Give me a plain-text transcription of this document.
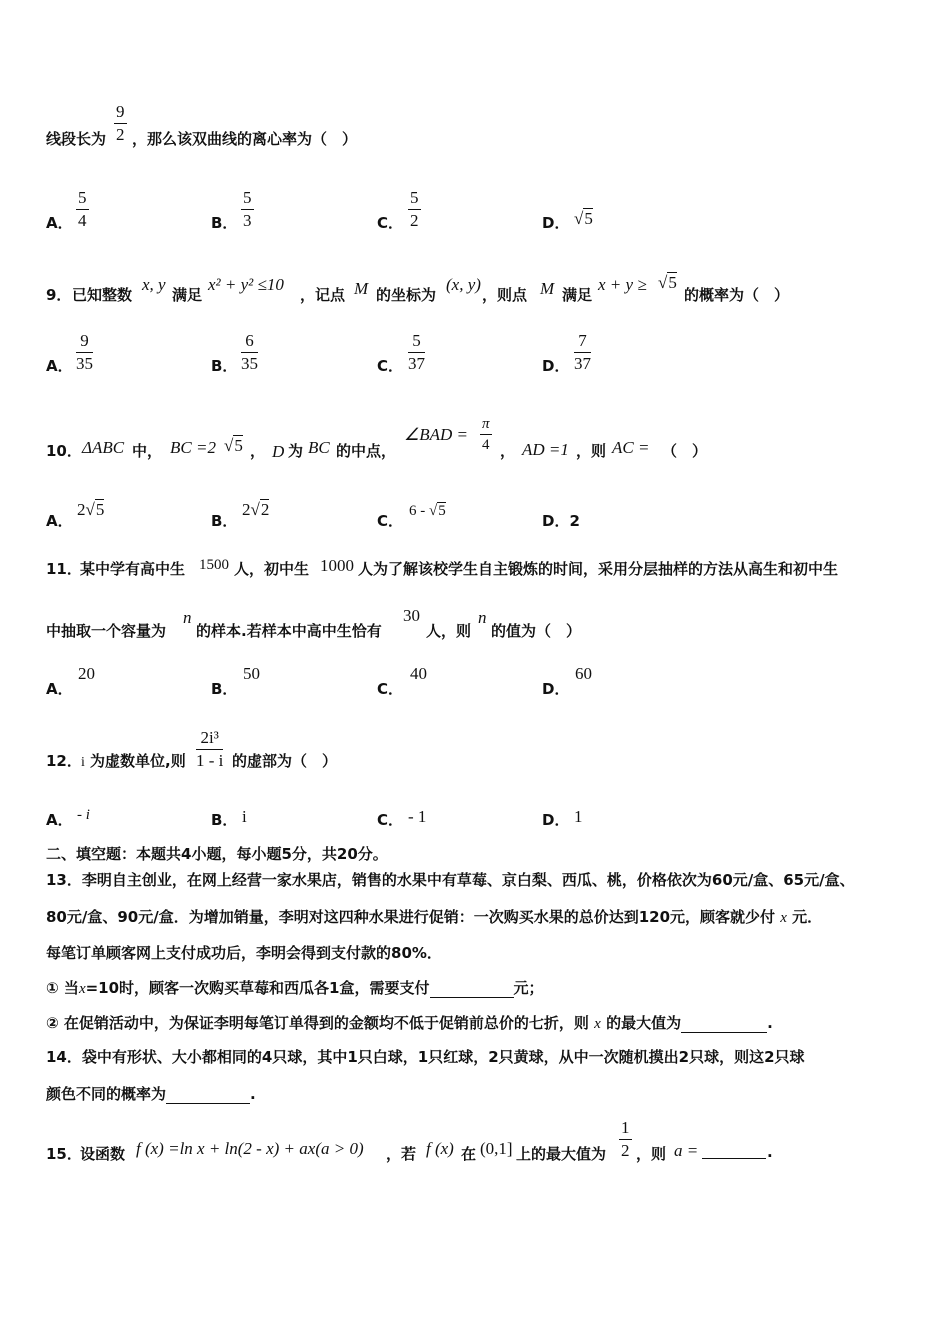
线段长为 $\frac{9}{2}$ ，那么该双曲线的离心率为（　）
A． $\frac{5}{4}$	B． $\frac{5}{3}$	C． $\frac{5}{2}$	D． √5
9． 已知整数
x, y
满足
x² + y² ≤10
，记点 M 的坐标为
(x, y)
，则点 M 满足
x + y ≥ √5
的概率为（　）
A． $\frac{9}{35}$	B． $\frac{6}{35}$	C． $\frac{5}{37}$	D． $\frac{7}{37}$
10． ΔABC 中， BC =2 √5 ， D 为 BC 的中点，
∠BAD = $\frac{\pi}{4}$ ， AD =1 ，则 AC = （　）
A．
2√5
B．
2√2
C．
6 - √5
D．2
11．
某中学有高中生 1500 人，初中生 1000 人为了解该校学生自主锻炼的时间，采用分层抽样的方法从高生和初中生
中抽取一个容量为
n
的样本.若样本中高中生恰有
30
人，则
n
的值为（　）
A．
20
B．
50
C．
40
D．
60
12． i 为虚数单位,则 $\frac{\text{2i³}}{1 - i}$ 的虚部为（　）
A． - i	B． i	C． - 1	D． 1
二、填空题：本题共4小题，每小题5分，共20分。
13．李明自主创业，在网上经营一家水果店，销售的水果中有草莓、京白梨、西瓜、桃，价格依次为60元/盒、65元/盒、
80元/盒、90元/盒．为增加销量，李明对这四种水果进行促销：一次购买水果的总价达到120元，顾客就少付 x 元．
每笔订单顾客网上支付成功后，李明会得到支付款的80%．
① 当x=10时，顾客一次购买草莓和西瓜各1盒，需要支付	元；
② 在促销活动中，为保证李明每笔订单得到的金额均不低于促销前总价的七折，则 x 的最大值为	.
14．袋中有形状、大小都相同的4只球，其中1只白球，1只红球，2只黄球，从中一次随机摸出2只球，则这2只球
颜色不同的概率为	.
15．
设函数 f (x) =ln x + ln(2 - x) + ax(a > 0) ，若 f (x) 在 (0,1] 上的最大值为 $\frac{1}{2}$ ，则 a =	.
